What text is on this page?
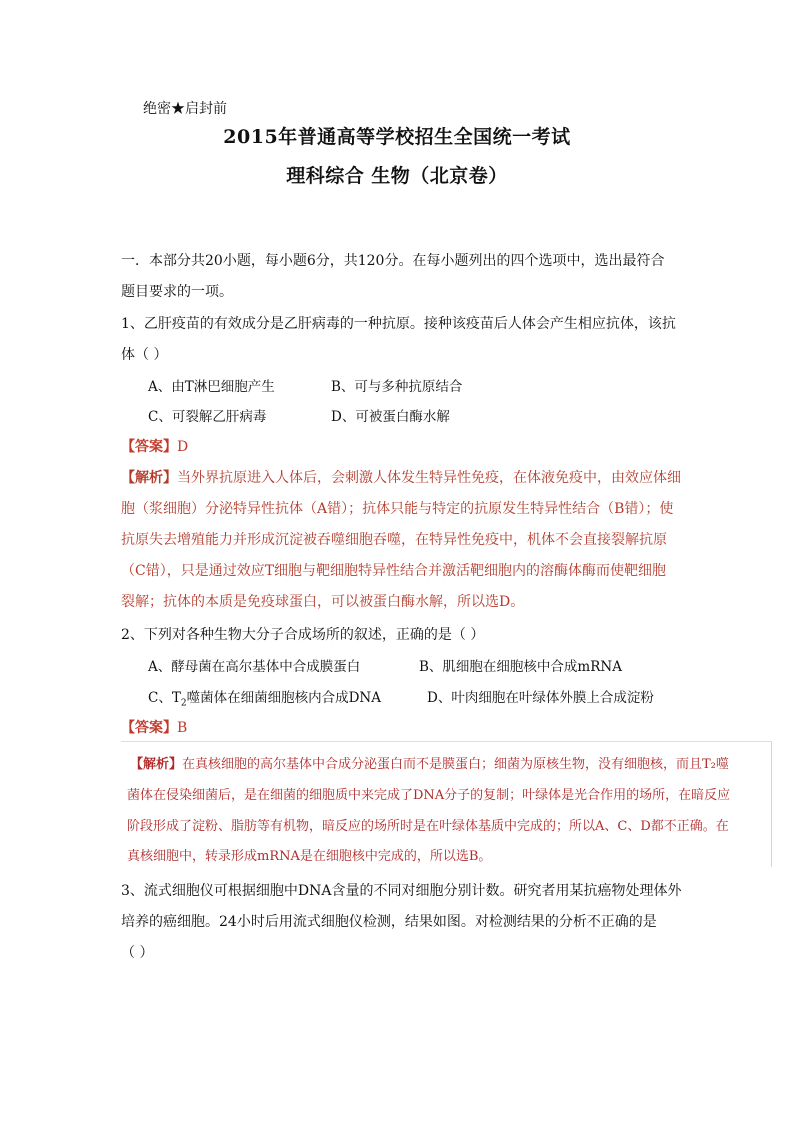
绝密★启封前
2015年普通高等学校招生全国统一考试
理科综合 生物（北京卷）
一．本部分共20小题，每小题6分，共120分。在每小题列出的四个选项中，选出最符合
题目要求的一项。
1、乙肝疫苗的有效成分是乙肝病毒的一种抗原。接种该疫苗后人体会产生相应抗体，该抗
体（ ）
A、由T淋巴细胞产生	B、可与多种抗原结合
C、可裂解乙肝病毒	D、可被蛋白酶水解
【答案】D
【解析】当外界抗原进入人体后，会刺激人体发生特异性免疫，在体液免疫中，由效应体细
胞（浆细胞）分泌特异性抗体（A错）；抗体只能与特定的抗原发生特异性结合（B错）；使
抗原失去增殖能力并形成沉淀被吞噬细胞吞噬，在特异性免疫中，机体不会直接裂解抗原
（C错），只是通过效应T细胞与靶细胞特异性结合并激活靶细胞内的溶酶体酶而使靶细胞
裂解；抗体的本质是免疫球蛋白，可以被蛋白酶水解，所以选D。
2、下列对各种生物大分子合成场所的叙述，正确的是（ ）
A、酵母菌在高尔基体中合成膜蛋白	B、肌细胞在细胞核中合成mRNA
C、$T_2$噬菌体在细菌细胞核内合成DNA	D、叶肉细胞在叶绿体外膜上合成淀粉
【答案】B
【解析】在真核细胞的高尔基体中合成分泌蛋白而不是膜蛋白；细菌为原核生物，没有细胞核，而且T₂噬
菌体在侵染细菌后，是在细菌的细胞质中来完成了DNA分子的复制；叶绿体是光合作用的场所，在暗反应
阶段形成了淀粉、脂肪等有机物，暗反应的场所时是在叶绿体基质中完成的；所以A、C、D都不正确。在
真核细胞中，转录形成mRNA是在细胞核中完成的，所以选B。
3、流式细胞仪可根据细胞中DNA含量的不同对细胞分别计数。研究者用某抗癌物处理体外
培养的癌细胞。24小时后用流式细胞仪检测，结果如图。对检测结果的分析不正确的是
（ ）
